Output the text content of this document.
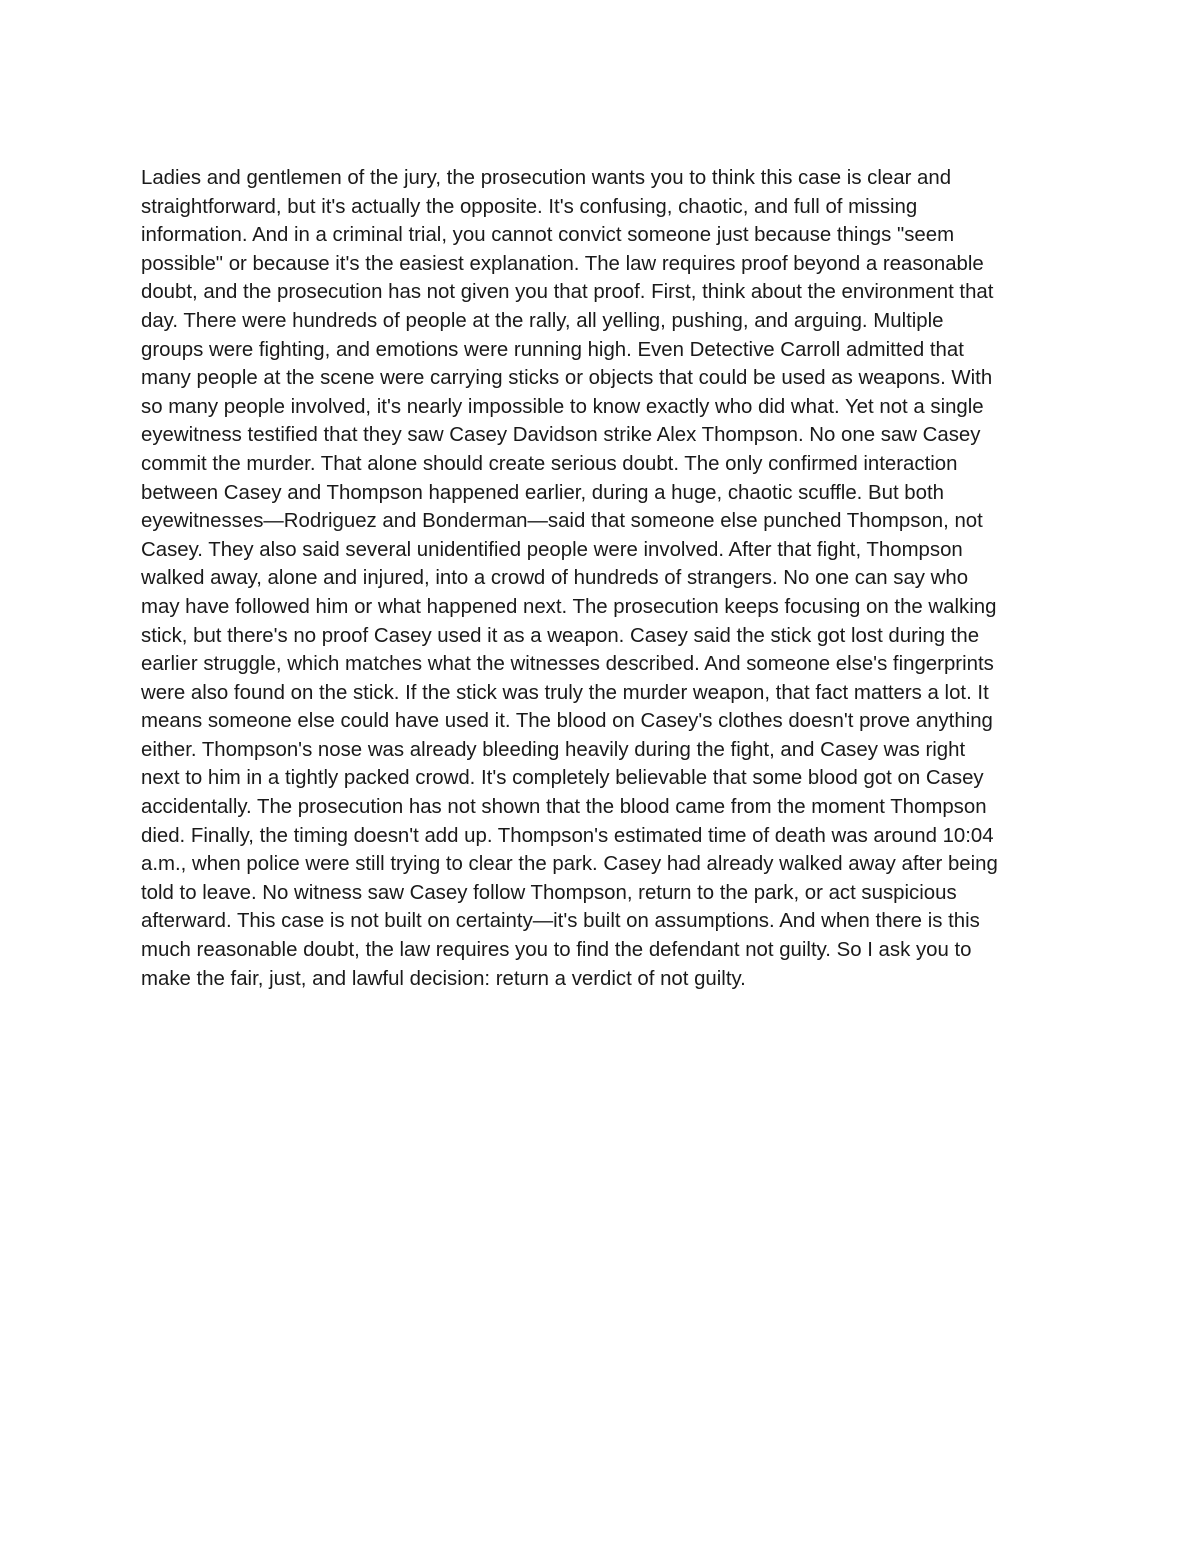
Ladies and gentlemen of the jury, the prosecution wants you to think this case is clear and
straightforward, but it's actually the opposite. It's confusing, chaotic, and full of missing
information. And in a criminal trial, you cannot convict someone just because things "seem
possible" or because it's the easiest explanation. The law requires proof beyond a reasonable
doubt, and the prosecution has not given you that proof. First, think about the environment that
day. There were hundreds of people at the rally, all yelling, pushing, and arguing. Multiple
groups were fighting, and emotions were running high. Even Detective Carroll admitted that
many people at the scene were carrying sticks or objects that could be used as weapons. With
so many people involved, it's nearly impossible to know exactly who did what. Yet not a single
eyewitness testified that they saw Casey Davidson strike Alex Thompson. No one saw Casey
commit the murder. That alone should create serious doubt. The only confirmed interaction
between Casey and Thompson happened earlier, during a huge, chaotic scuffle. But both
eyewitnesses—Rodriguez and Bonderman—said that someone else punched Thompson, not
Casey. They also said several unidentified people were involved. After that fight, Thompson
walked away, alone and injured, into a crowd of hundreds of strangers. No one can say who
may have followed him or what happened next. The prosecution keeps focusing on the walking
stick, but there's no proof Casey used it as a weapon. Casey said the stick got lost during the
earlier struggle, which matches what the witnesses described. And someone else's fingerprints
were also found on the stick. If the stick was truly the murder weapon, that fact matters a lot. It
means someone else could have used it. The blood on Casey's clothes doesn't prove anything
either. Thompson's nose was already bleeding heavily during the fight, and Casey was right
next to him in a tightly packed crowd. It's completely believable that some blood got on Casey
accidentally. The prosecution has not shown that the blood came from the moment Thompson
died. Finally, the timing doesn't add up. Thompson's estimated time of death was around 10:04
a.m., when police were still trying to clear the park. Casey had already walked away after being
told to leave. No witness saw Casey follow Thompson, return to the park, or act suspicious
afterward. This case is not built on certainty—it's built on assumptions. And when there is this
much reasonable doubt, the law requires you to find the defendant not guilty. So I ask you to
make the fair, just, and lawful decision: return a verdict of not guilty.
